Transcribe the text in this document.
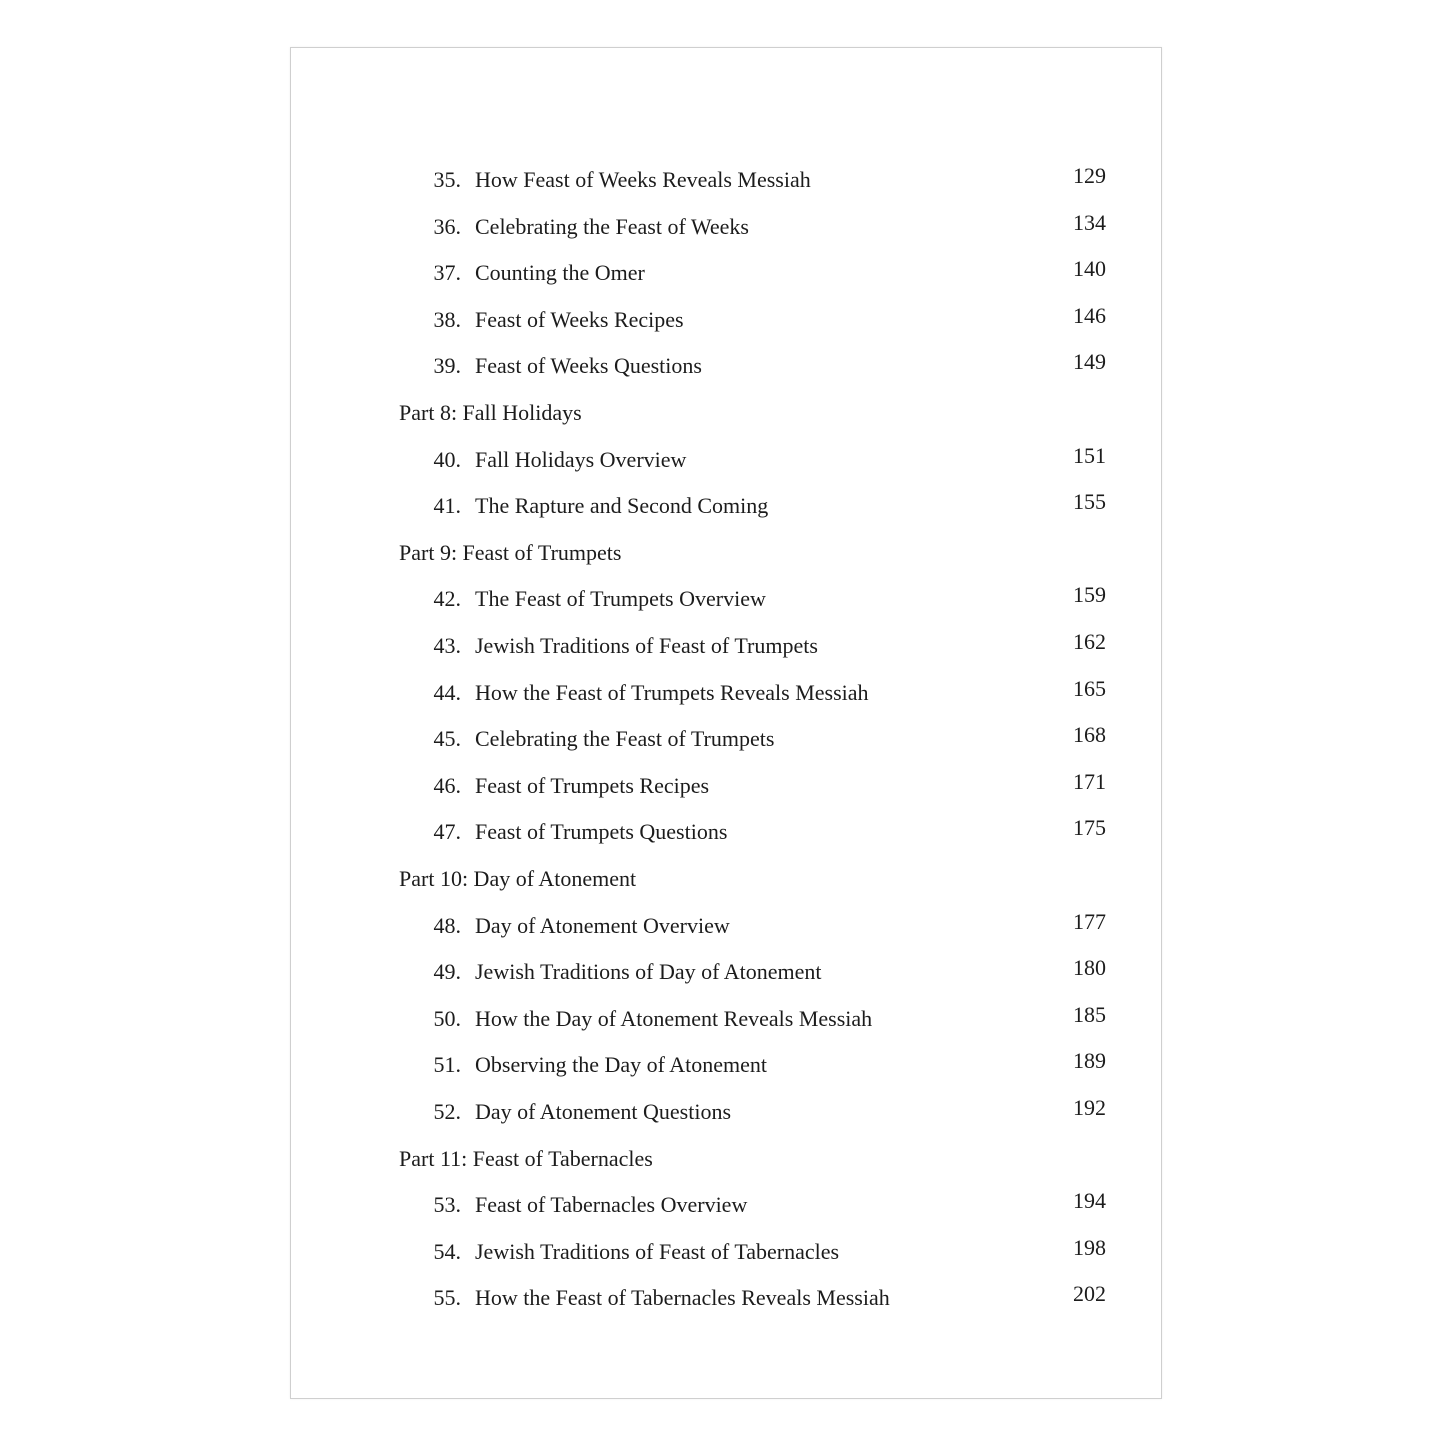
35. How Feast of Weeks Reveals Messiah	129
36. Celebrating the Feast of Weeks	134
37. Counting the Omer	140
38. Feast of Weeks Recipes	146
39. Feast of Weeks Questions	149
Part 8: Fall Holidays
40. Fall Holidays Overview	151
41. The Rapture and Second Coming	155
Part 9: Feast of Trumpets
42. The Feast of Trumpets Overview	159
43. Jewish Traditions of Feast of Trumpets	162
44. How the Feast of Trumpets Reveals Messiah	165
45. Celebrating the Feast of Trumpets	168
46. Feast of Trumpets Recipes	171
47. Feast of Trumpets Questions	175
Part 10: Day of Atonement
48. Day of Atonement Overview	177
49. Jewish Traditions of Day of Atonement	180
50. How the Day of Atonement Reveals Messiah	185
51. Observing the Day of Atonement	189
52. Day of Atonement Questions	192
Part 11: Feast of Tabernacles
53. Feast of Tabernacles Overview	194
54. Jewish Traditions of Feast of Tabernacles	198
55. How the Feast of Tabernacles Reveals Messiah	202
